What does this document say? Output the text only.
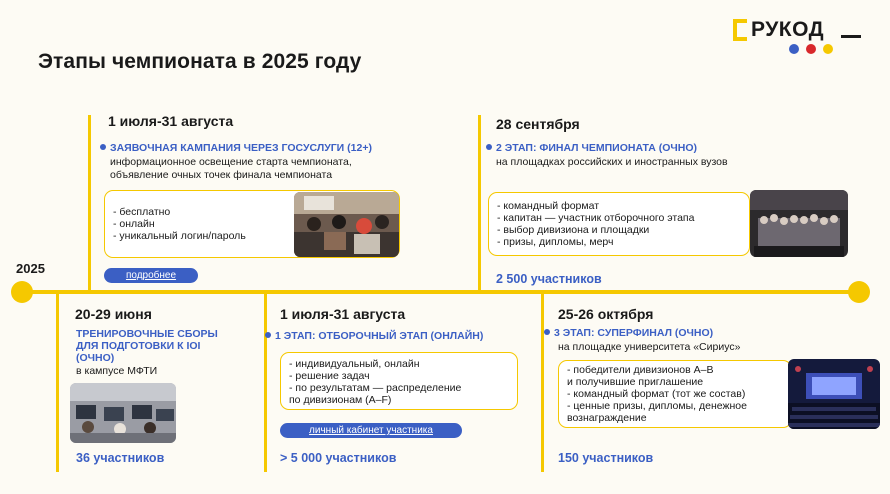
Этапы чемпионата в 2025 году
РУКОД
2025
1 июля-31 августа
ЗАЯВОЧНАЯ КАМПАНИЯ ЧЕРЕЗ ГОСУСЛУГИ (12+)
информационное освещение старта чемпионата,
объявление очных точек финала чемпионата
- бесплатно
- онлайн
- уникальный логин/пароль
подробнее
28 сентября
2 ЭТАП: ФИНАЛ ЧЕМПИОНАТА (ОЧНО)
на площадках российских и иностранных вузов
- командный формат
- капитан — участник отборочного этапа
- выбор дивизиона и площадки
- призы, дипломы, мерч
2 500 участников
20-29 июня
ТРЕНИРОВОЧНЫЕ СБОРЫ
ДЛЯ ПОДГОТОВКИ К IOI
(ОЧНО)
в кампусе МФТИ
36 участников
1 июля-31 августа
1 ЭТАП: ОТБОРОЧНЫЙ ЭТАП (ОНЛАЙН)
- индивидуальный, онлайн
- решение задач
- по результатам — распределение
по дивизионам (A–F)
личный кабинет участника
> 5 000 участников
25-26 октября
3 ЭТАП: СУПЕРФИНАЛ (ОЧНО)
на площадке университета «Сириус»
- победители дивизионов A–B
и получившие приглашение
- командный формат (тот же состав)
- ценные призы, дипломы, денежное
вознаграждение
150 участников
